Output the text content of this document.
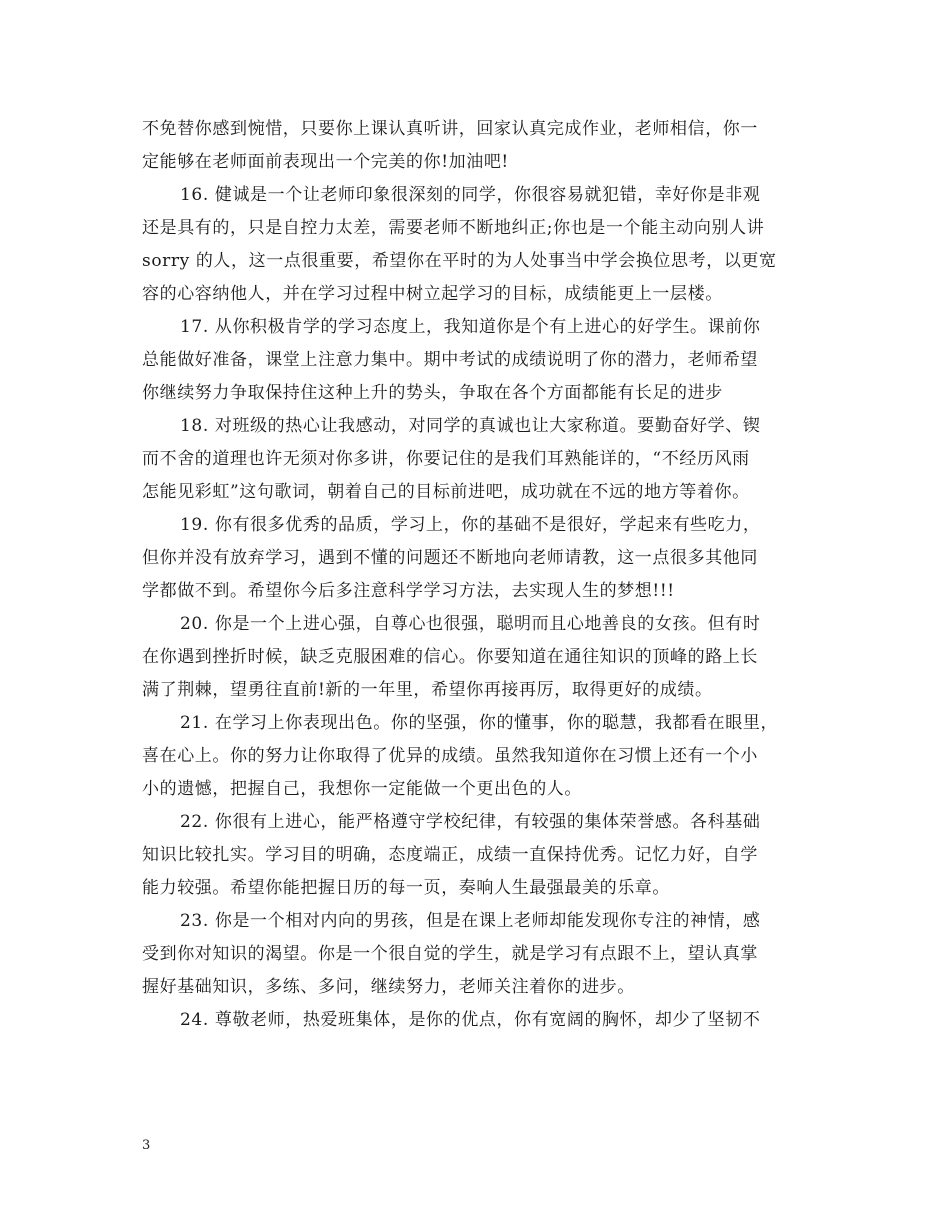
不免替你感到惋惜，只要你上课认真听讲，回家认真完成作业，老师相信，你一
定能够在老师面前表现出一个完美的你!加油吧!
16. 健诚是一个让老师印象很深刻的同学，你很容易就犯错，幸好你是非观
还是具有的，只是自控力太差，需要老师不断地纠正;你也是一个能主动向别人讲
sorry 的人，这一点很重要，希望你在平时的为人处事当中学会换位思考，以更宽
容的心容纳他人，并在学习过程中树立起学习的目标，成绩能更上一层楼。
17. 从你积极肯学的学习态度上，我知道你是个有上进心的好学生。课前你
总能做好准备，课堂上注意力集中。期中考试的成绩说明了你的潜力，老师希望
你继续努力争取保持住这种上升的势头，争取在各个方面都能有长足的进步
18. 对班级的热心让我感动，对同学的真诚也让大家称道。要勤奋好学、锲
而不舍的道理也许无须对你多讲，你要记住的是我们耳熟能详的，“不经历风雨
怎能见彩虹”这句歌词，朝着自己的目标前进吧，成功就在不远的地方等着你。
19. 你有很多优秀的品质，学习上，你的基础不是很好，学起来有些吃力，
但你并没有放弃学习，遇到不懂的问题还不断地向老师请教，这一点很多其他同
学都做不到。希望你今后多注意科学学习方法，去实现人生的梦想!!!
20. 你是一个上进心强，自尊心也很强，聪明而且心地善良的女孩。但有时
在你遇到挫折时候，缺乏克服困难的信心。你要知道在通往知识的顶峰的路上长
满了荆棘，望勇往直前!新的一年里，希望你再接再厉，取得更好的成绩。
21. 在学习上你表现出色。你的坚强，你的懂事，你的聪慧，我都看在眼里，
喜在心上。你的努力让你取得了优异的成绩。虽然我知道你在习惯上还有一个小
小的遗憾，把握自己，我想你一定能做一个更出色的人。
22. 你很有上进心，能严格遵守学校纪律，有较强的集体荣誉感。各科基础
知识比较扎实。学习目的明确，态度端正，成绩一直保持优秀。记忆力好，自学
能力较强。希望你能把握日历的每一页，奏响人生最强最美的乐章。
23. 你是一个相对内向的男孩，但是在课上老师却能发现你专注的神情，感
受到你对知识的渴望。你是一个很自觉的学生，就是学习有点跟不上，望认真掌
握好基础知识，多练、多问，继续努力，老师关注着你的进步。
24. 尊敬老师，热爱班集体，是你的优点，你有宽阔的胸怀，却少了坚韧不
3
